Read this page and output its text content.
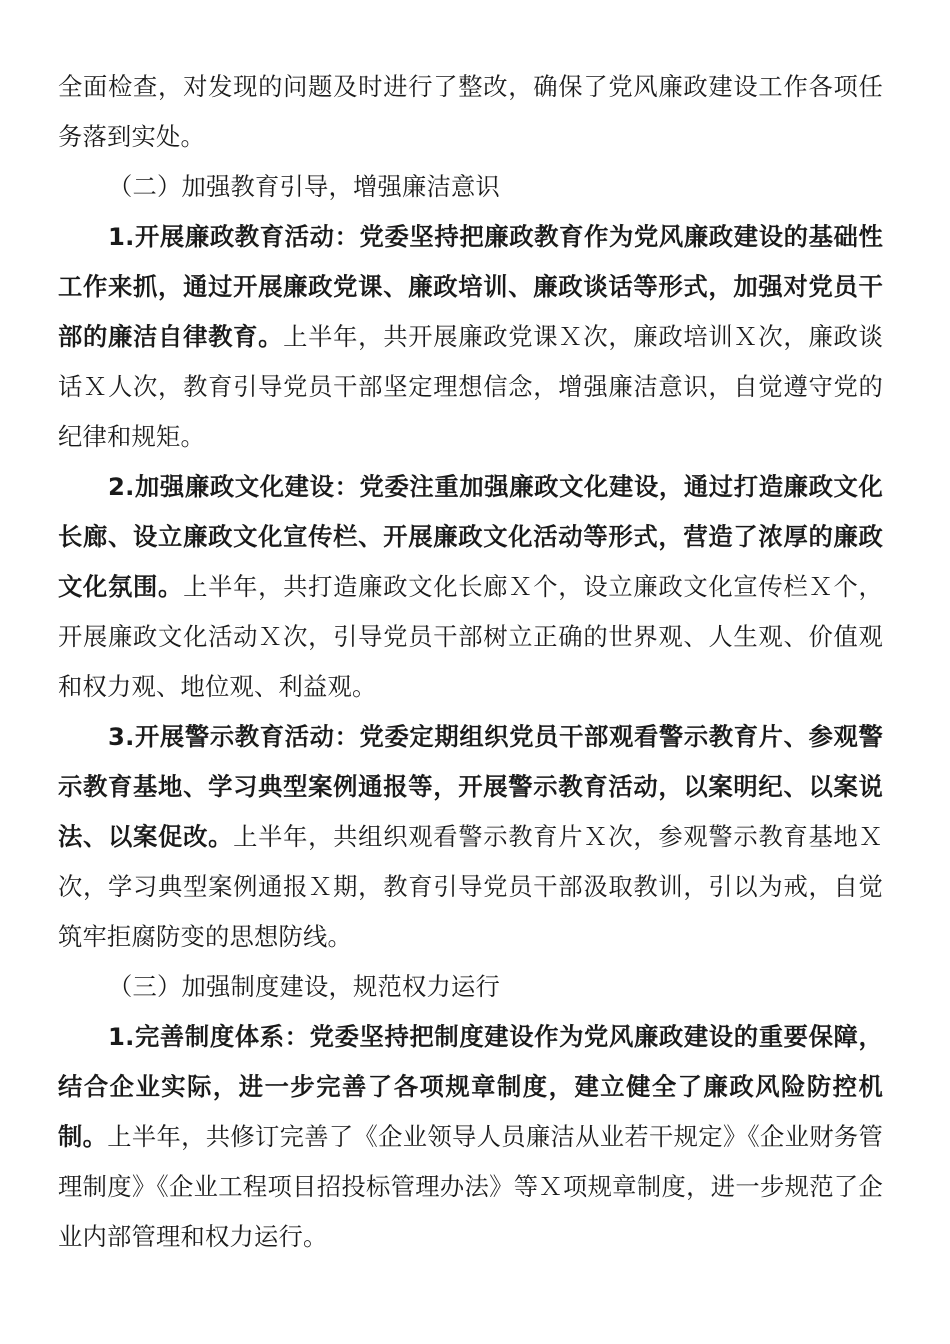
全面检查，对发现的问题及时进行了整改，确保了党风廉政建设工作各项任务落到实处。

（二）加强教育引导，增强廉洁意识

1.开展廉政教育活动：党委坚持把廉政教育作为党风廉政建设的基础性工作来抓，通过开展廉政党课、廉政培训、廉政谈话等形式，加强对党员干部的廉洁自律教育。上半年，共开展廉政党课Ｘ次，廉政培训Ｘ次，廉政谈话Ｘ人次，教育引导党员干部坚定理想信念，增强廉洁意识，自觉遵守党的纪律和规矩。

2.加强廉政文化建设：党委注重加强廉政文化建设，通过打造廉政文化长廊、设立廉政文化宣传栏、开展廉政文化活动等形式，营造了浓厚的廉政文化氛围。上半年，共打造廉政文化长廊Ｘ个，设立廉政文化宣传栏Ｘ个，开展廉政文化活动Ｘ次，引导党员干部树立正确的世界观、人生观、价值观和权力观、地位观、利益观。

3.开展警示教育活动：党委定期组织党员干部观看警示教育片、参观警示教育基地、学习典型案例通报等，开展警示教育活动，以案明纪、以案说法、以案促改。上半年，共组织观看警示教育片Ｘ次，参观警示教育基地Ｘ次，学习典型案例通报Ｘ期，教育引导党员干部汲取教训，引以为戒，自觉筑牢拒腐防变的思想防线。

（三）加强制度建设，规范权力运行

1.完善制度体系：党委坚持把制度建设作为党风廉政建设的重要保障，结合企业实际，进一步完善了各项规章制度，建立健全了廉政风险防控机制。上半年，共修订完善了《企业领导人员廉洁从业若干规定》《企业财务管理制度》《企业工程项目招投标管理办法》等Ｘ项规章制度，进一步规范了企业内部管理和权力运行。
